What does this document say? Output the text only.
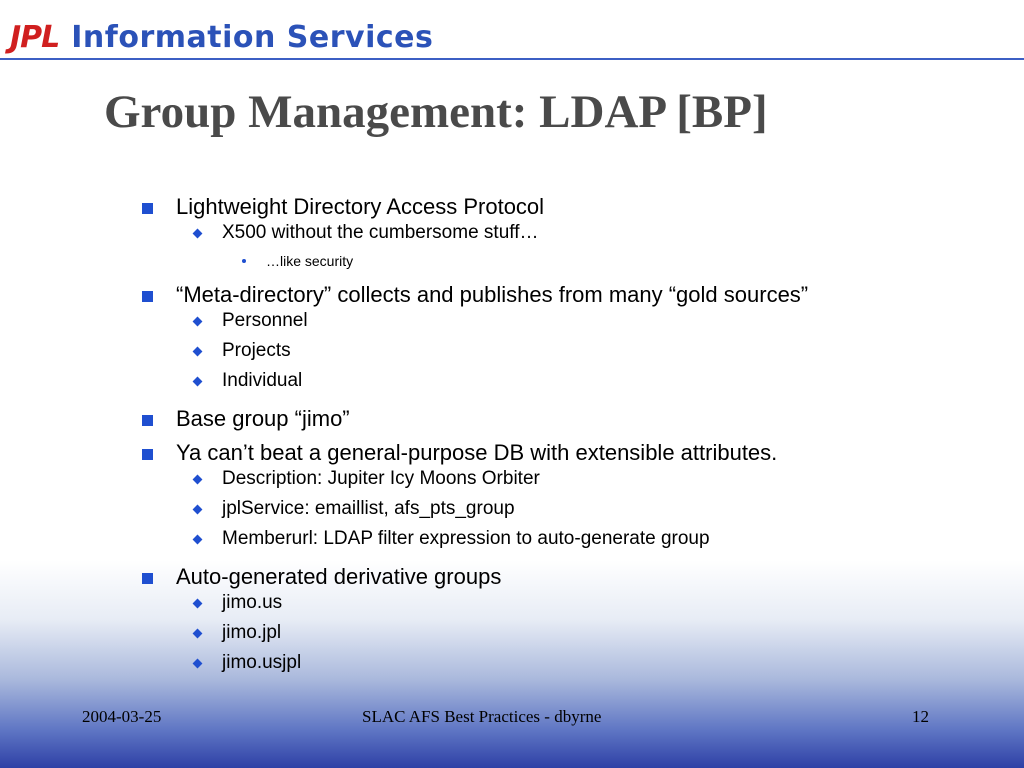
JPL Information Services
Group Management: LDAP [BP]
Lightweight Directory Access Protocol
X500 without the cumbersome stuff…
…like security
“Meta-directory” collects and publishes from many “gold sources”
Personnel
Projects
Individual
Base group “jimo”
Ya can’t beat a general-purpose DB with extensible attributes.
Description: Jupiter Icy Moons Orbiter
jplService: emaillist, afs_pts_group
Memberurl: LDAP filter expression to auto-generate group
Auto-generated derivative groups
jimo.us
jimo.jpl
jimo.usjpl
2004-03-25	SLAC AFS Best Practices - dbyrne	12
